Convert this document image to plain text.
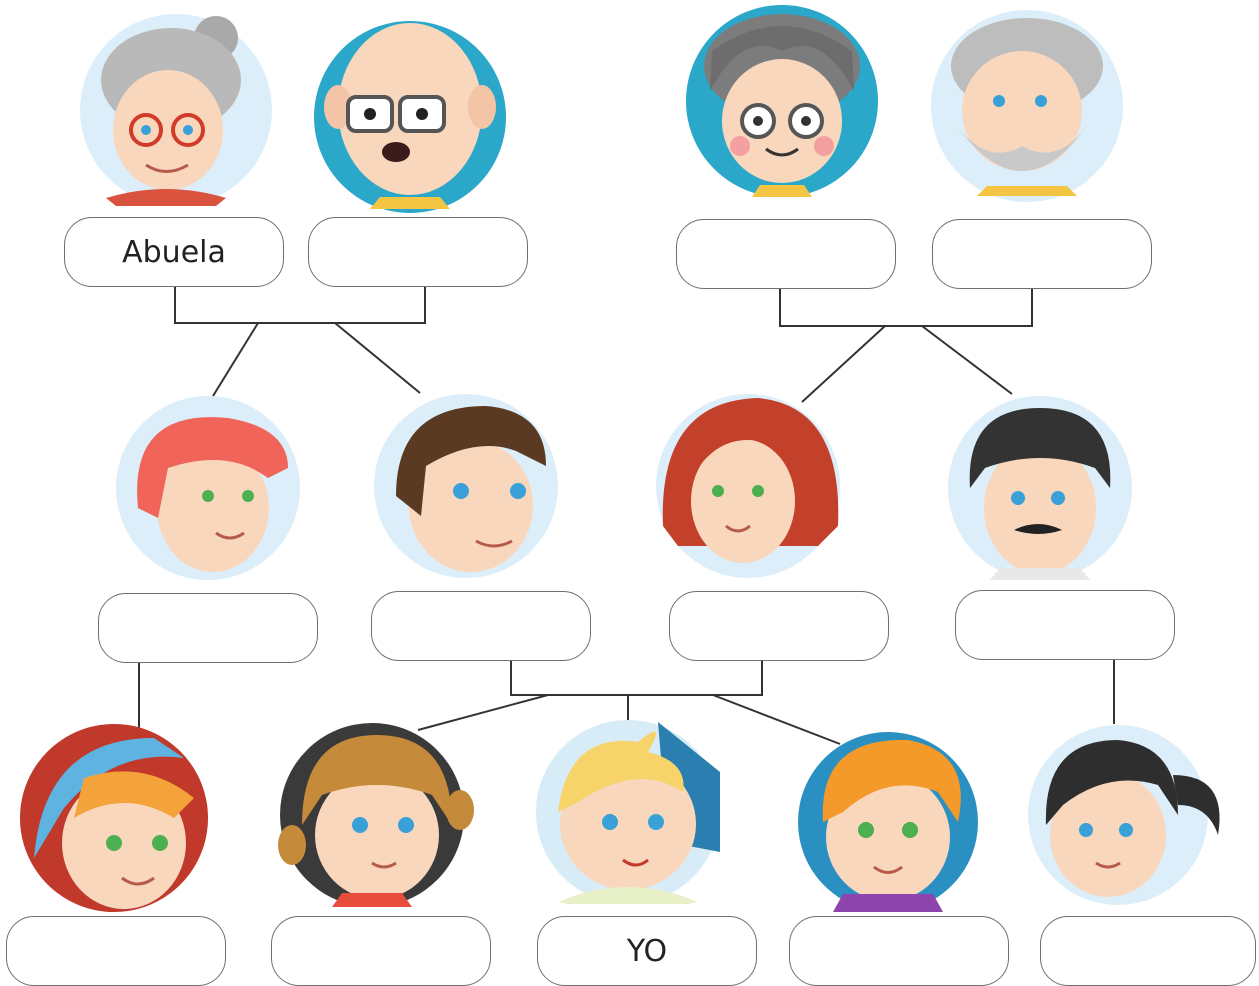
Abuela
YO
